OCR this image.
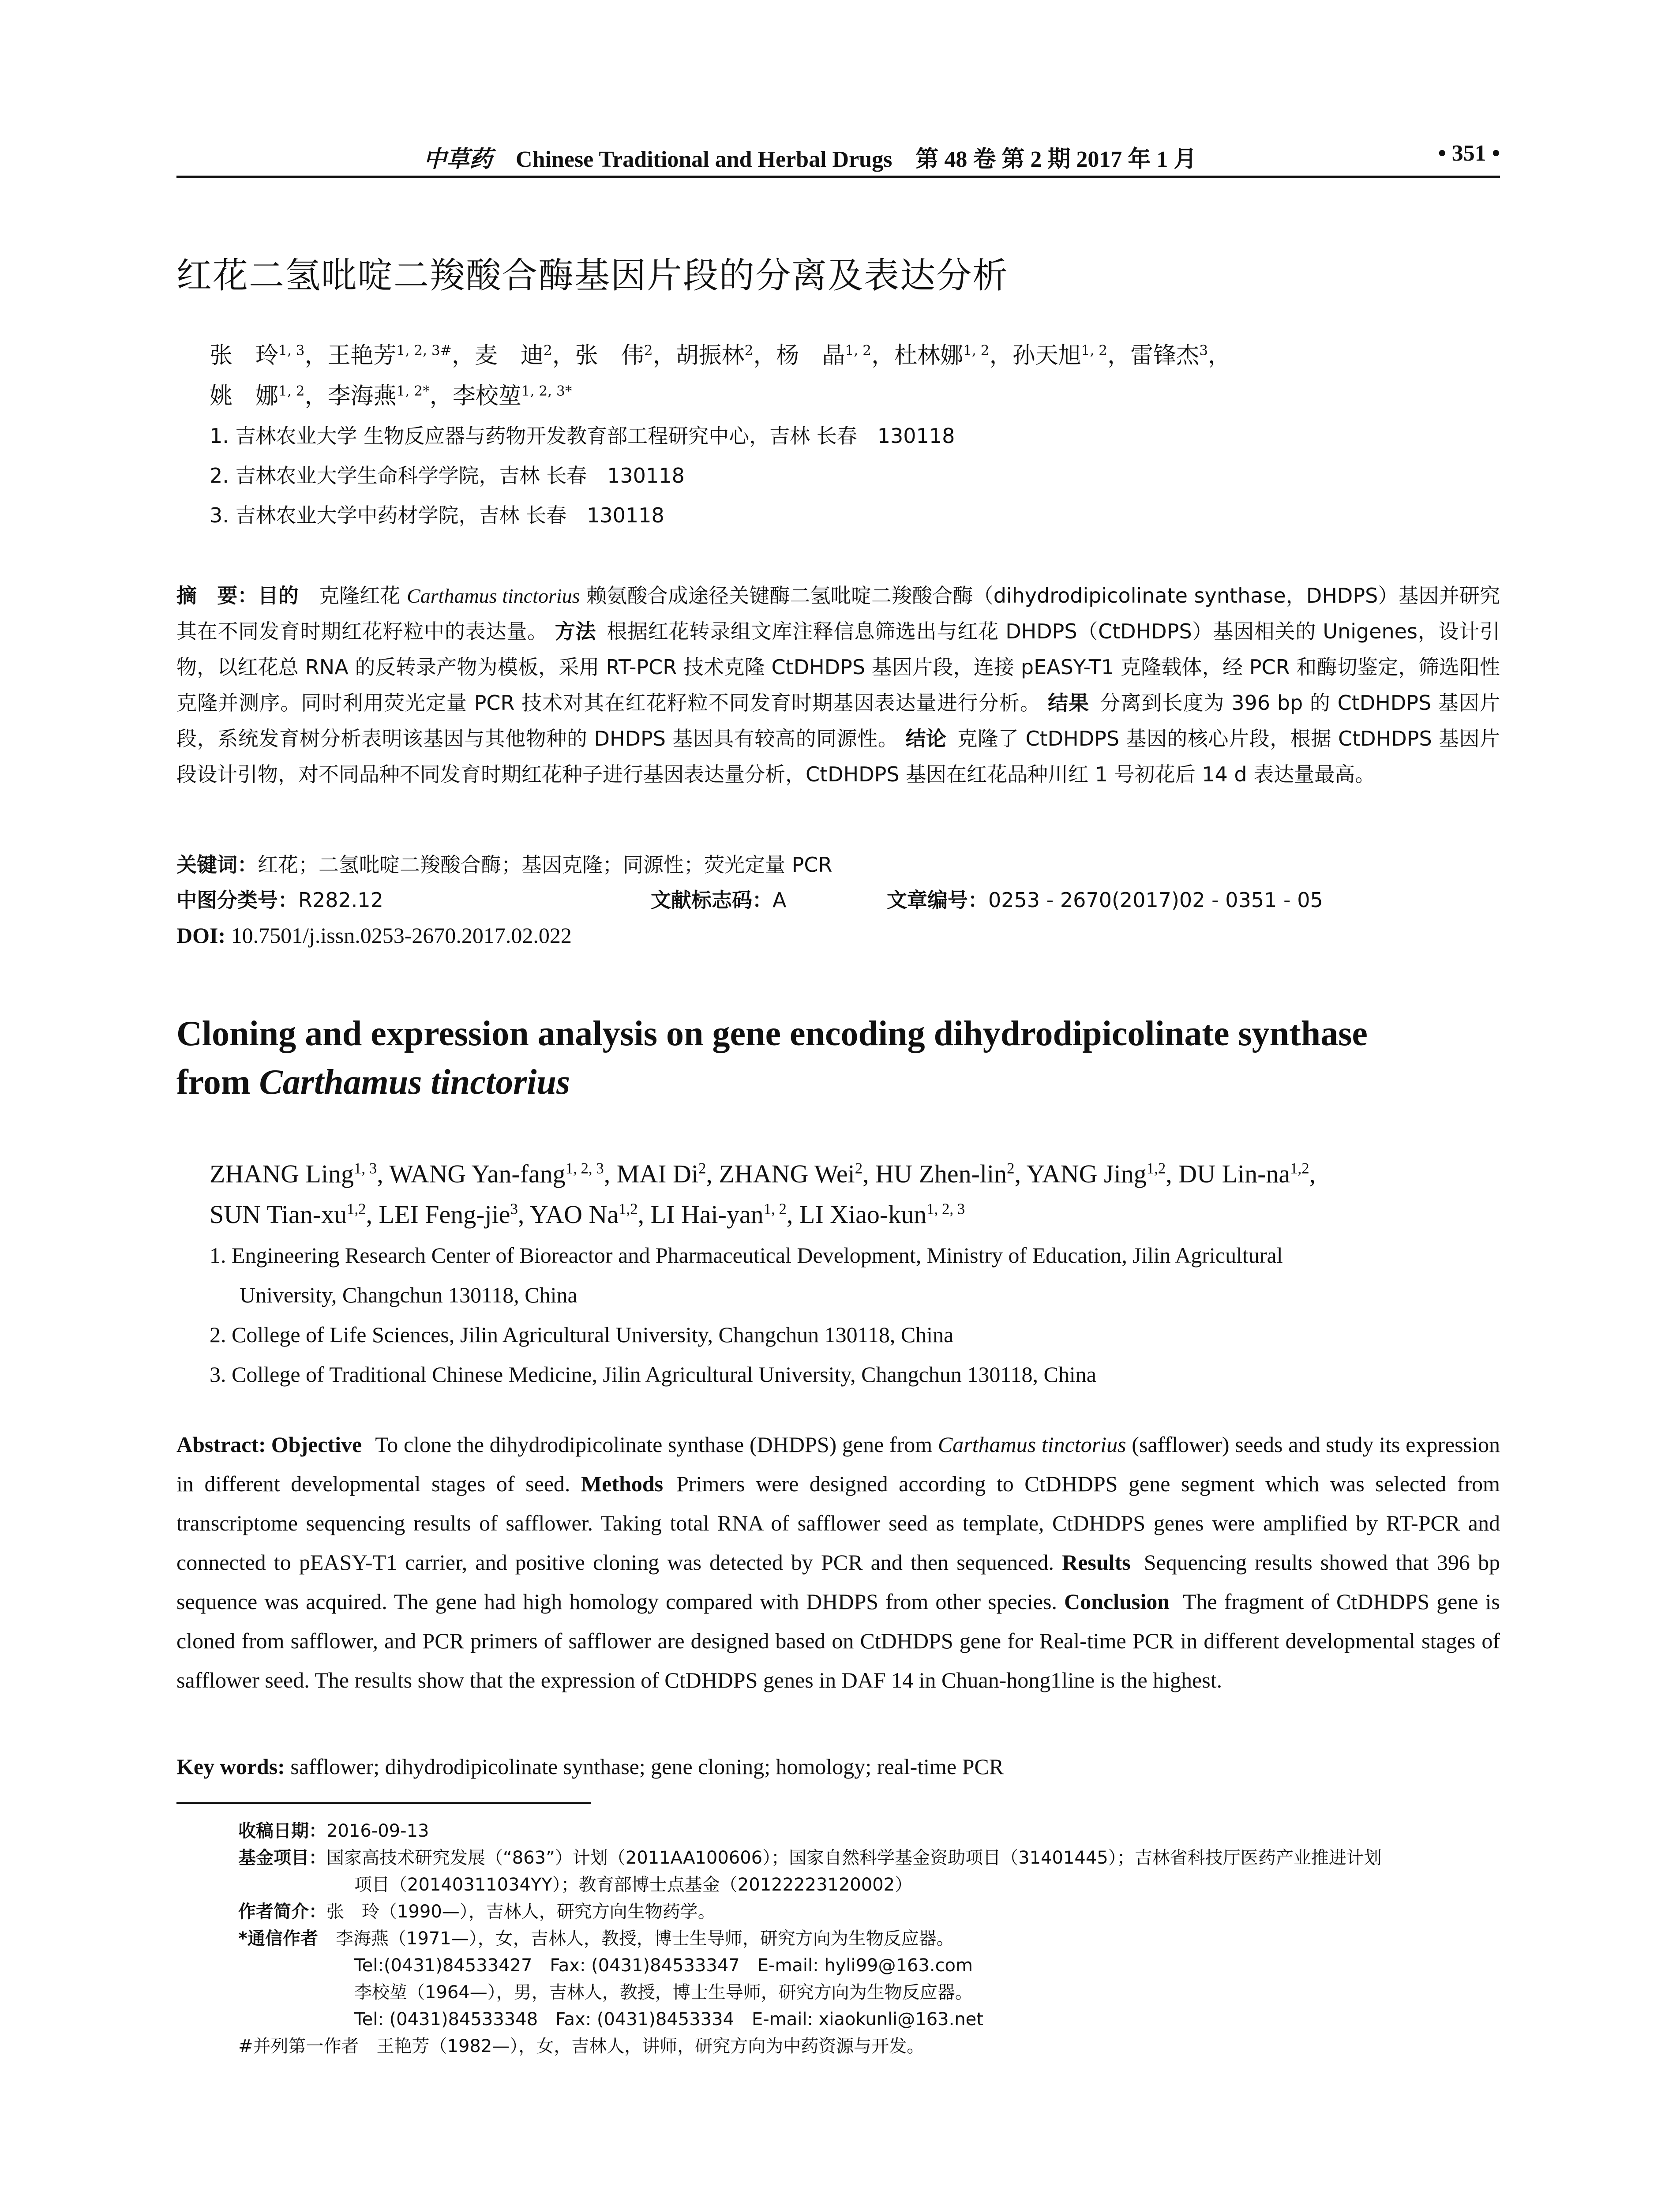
中草药 Chinese Traditional and Herbal Drugs 第 48 卷 第 2 期 2017 年 1 月	• 351 •
红花二氢吡啶二羧酸合酶基因片段的分离及表达分析
张　玲$^{1, 3}$，王艳芳$^{1, 2, 3\#}$，麦　迪$^2$，张　伟$^2$，胡振林$^2$，杨　晶$^{1, 2}$，杜林娜$^{1, 2}$，孙天旭$^{1, 2}$，雷锋杰$^3$，
姚　娜$^{1, 2}$，李海燕$^{1, 2*}$，李校堃$^{1, 2, 3*}$
1. 吉林农业大学 生物反应器与药物开发教育部工程研究中心，吉林 长春　130118
2. 吉林农业大学生命科学学院，吉林 长春　130118
3. 吉林农业大学中药材学院，吉林 长春　130118

摘　要：目的　 克隆红花 Carthamus tinctorius 赖氨酸合成途径关键酶二氢吡啶二羧酸合酶（dihydrodipicolinate synthase，DHDPS）基因并研究其在不同发育时期红花籽粒中的表达量。 方法 根据红花转录组文库注释信息筛选出与红花 DHDPS（CtDHDPS）基因相关的 Unigenes，设计引物，以红花总 RNA 的反转录产物为模板，采用 RT-PCR 技术克隆 CtDHDPS 基因片段，连接 pEASY-T1 克隆载体，经 PCR 和酶切鉴定，筛选阳性克隆并测序。同时利用荧光定量 PCR 技术对其在红花籽粒不同发育时期基因表达量进行分析。 结果 分离到长度为 396 bp 的 CtDHDPS 基因片段，系统发育树分析表明该基因与其他物种的 DHDPS 基因具有较高的同源性。 结论 克隆了 CtDHDPS 基因的核心片段，根据 CtDHDPS 基因片段设计引物，对不同品种不同发育时期红花种子进行基因表达量分析，CtDHDPS 基因在红花品种川红 1 号初花后 14 d 表达量最高。

关键词：红花；二氢吡啶二羧酸合酶；基因克隆；同源性；荧光定量 PCR
中图分类号：R282.12	文献标志码：A	文章编号：0253 - 2670(2017)02 - 0351 - 05
DOI: 10.7501/j.issn.0253-2670.2017.02.022
Cloning and expression analysis on gene encoding dihydrodipicolinate synthase
from Carthamus tinctorius
ZHANG Ling$^{1, 3}$, WANG Yan-fang$^{1, 2, 3}$, MAI Di$^2$, ZHANG Wei$^2$, HU Zhen-lin$^2$, YANG Jing$^{1,2}$, DU Lin-na$^{1,2}$,
SUN Tian-xu$^{1,2}$, LEI Feng-jie$^3$, YAO Na$^{1,2}$, LI Hai-yan$^{1, 2}$, LI Xiao-kun$^{1, 2, 3}$
1. Engineering Research Center of Bioreactor and Pharmaceutical Development, Ministry of Education, Jilin Agricultural
University, Changchun 130118, China
2. College of Life Sciences, Jilin Agricultural University, Changchun 130118, China
3. College of Traditional Chinese Medicine, Jilin Agricultural University, Changchun 130118, China

Abstract: Objective To clone the dihydrodipicolinate synthase (DHDPS) gene from Carthamus tinctorius (safflower) seeds and study its expression in different developmental stages of seed. Methods Primers were designed according to CtDHDPS gene segment which was selected from transcriptome sequencing results of safflower. Taking total RNA of safflower seed as template, CtDHDPS genes were amplified by RT-PCR and connected to pEASY-T1 carrier, and positive cloning was detected by PCR and then sequenced. Results Sequencing results showed that 396 bp sequence was acquired. The gene had high homology compared with DHDPS from other species. Conclusion The fragment of CtDHDPS gene is cloned from safflower, and PCR primers of safflower are designed based on CtDHDPS gene for Real-time PCR in different developmental stages of safflower seed. The results show that the expression of CtDHDPS genes in DAF 14 in Chuan-hong1line is the highest.

Key words: safflower; dihydrodipicolinate synthase; gene cloning; homology; real-time PCR
收稿日期： 2016-09-13
基金项目： 国家高技术研究发展（“863”）计划（2011AA100606）；国家自然科学基金资助项目（31401445）；吉林省科技厅医药产业推进计划
项目（20140311034YY）；教育部博士点基金（20122223120002）
作者简介： 张　玲（1990—），吉林人，研究方向生物药学。
*通信作者 李海燕（1971—），女，吉林人，教授，博士生导师，研究方向为生物反应器。
Tel:(0431)84533427　Fax: (0431)84533347　E-mail: hyli99@163.com
李校堃（1964—），男，吉林人，教授，博士生导师，研究方向为生物反应器。
Tel: (0431)84533348　Fax: (0431)8453334　E-mail: xiaokunli@163.net
#并列第一作者　王艳芳（1982—），女，吉林人，讲师，研究方向为中药资源与开发。
